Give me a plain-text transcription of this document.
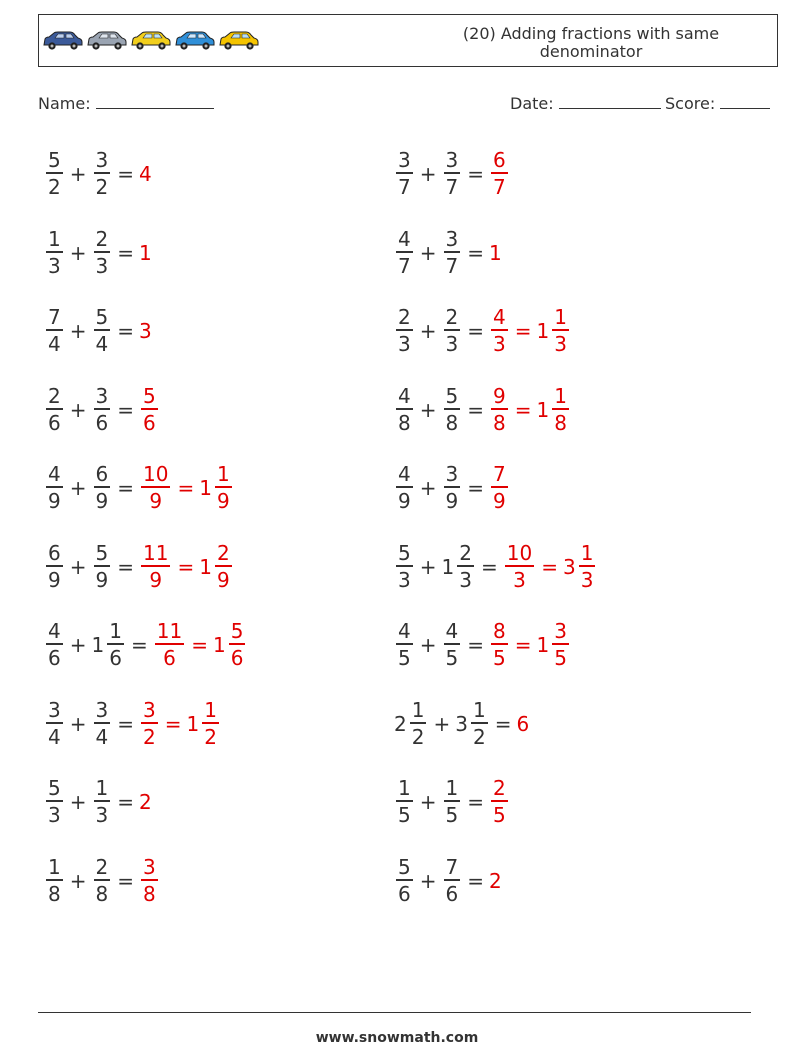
(20) Adding fractions with same denominator
Name:	Date:	Score:
$\frac{5}{2} + \frac{3}{2} = 4$	$\frac{3}{7} + \frac{3}{7} = \frac{6}{7}$
$\frac{1}{3} + \frac{2}{3} = 1$	$\frac{4}{7} + \frac{3}{7} = 1$
$\frac{7}{4} + \frac{5}{4} = 3$	$\frac{2}{3} + \frac{2}{3} = \frac{4}{3} = 1 \frac{1}{3}$
$\frac{2}{6} + \frac{3}{6} = \frac{5}{6}$	$\frac{4}{8} + \frac{5}{8} = \frac{9}{8} = 1 \frac{1}{8}$
$\frac{4}{9} + \frac{6}{9} = \frac{10}{9} = 1 \frac{1}{9}$	$\frac{4}{9} + \frac{3}{9} = \frac{7}{9}$
$\frac{6}{9} + \frac{5}{9} = \frac{11}{9} = 1 \frac{2}{9}$	$\frac{5}{3} + 1 \frac{2}{3} = \frac{10}{3} = 3 \frac{1}{3}$
$\frac{4}{6} + 1 \frac{1}{6} = \frac{11}{6} = 1 \frac{5}{6}$	$\frac{4}{5} + \frac{4}{5} = \frac{8}{5} = 1 \frac{3}{5}$
$\frac{3}{4} + \frac{3}{4} = \frac{3}{2} = 1 \frac{1}{2}$	$2 \frac{1}{2} + 3 \frac{1}{2} = 6$
$\frac{5}{3} + \frac{1}{3} = 2$	$\frac{1}{5} + \frac{1}{5} = \frac{2}{5}$
$\frac{1}{8} + \frac{2}{8} = \frac{3}{8}$	$\frac{5}{6} + \frac{7}{6} = 2$
www.snowmath.com
